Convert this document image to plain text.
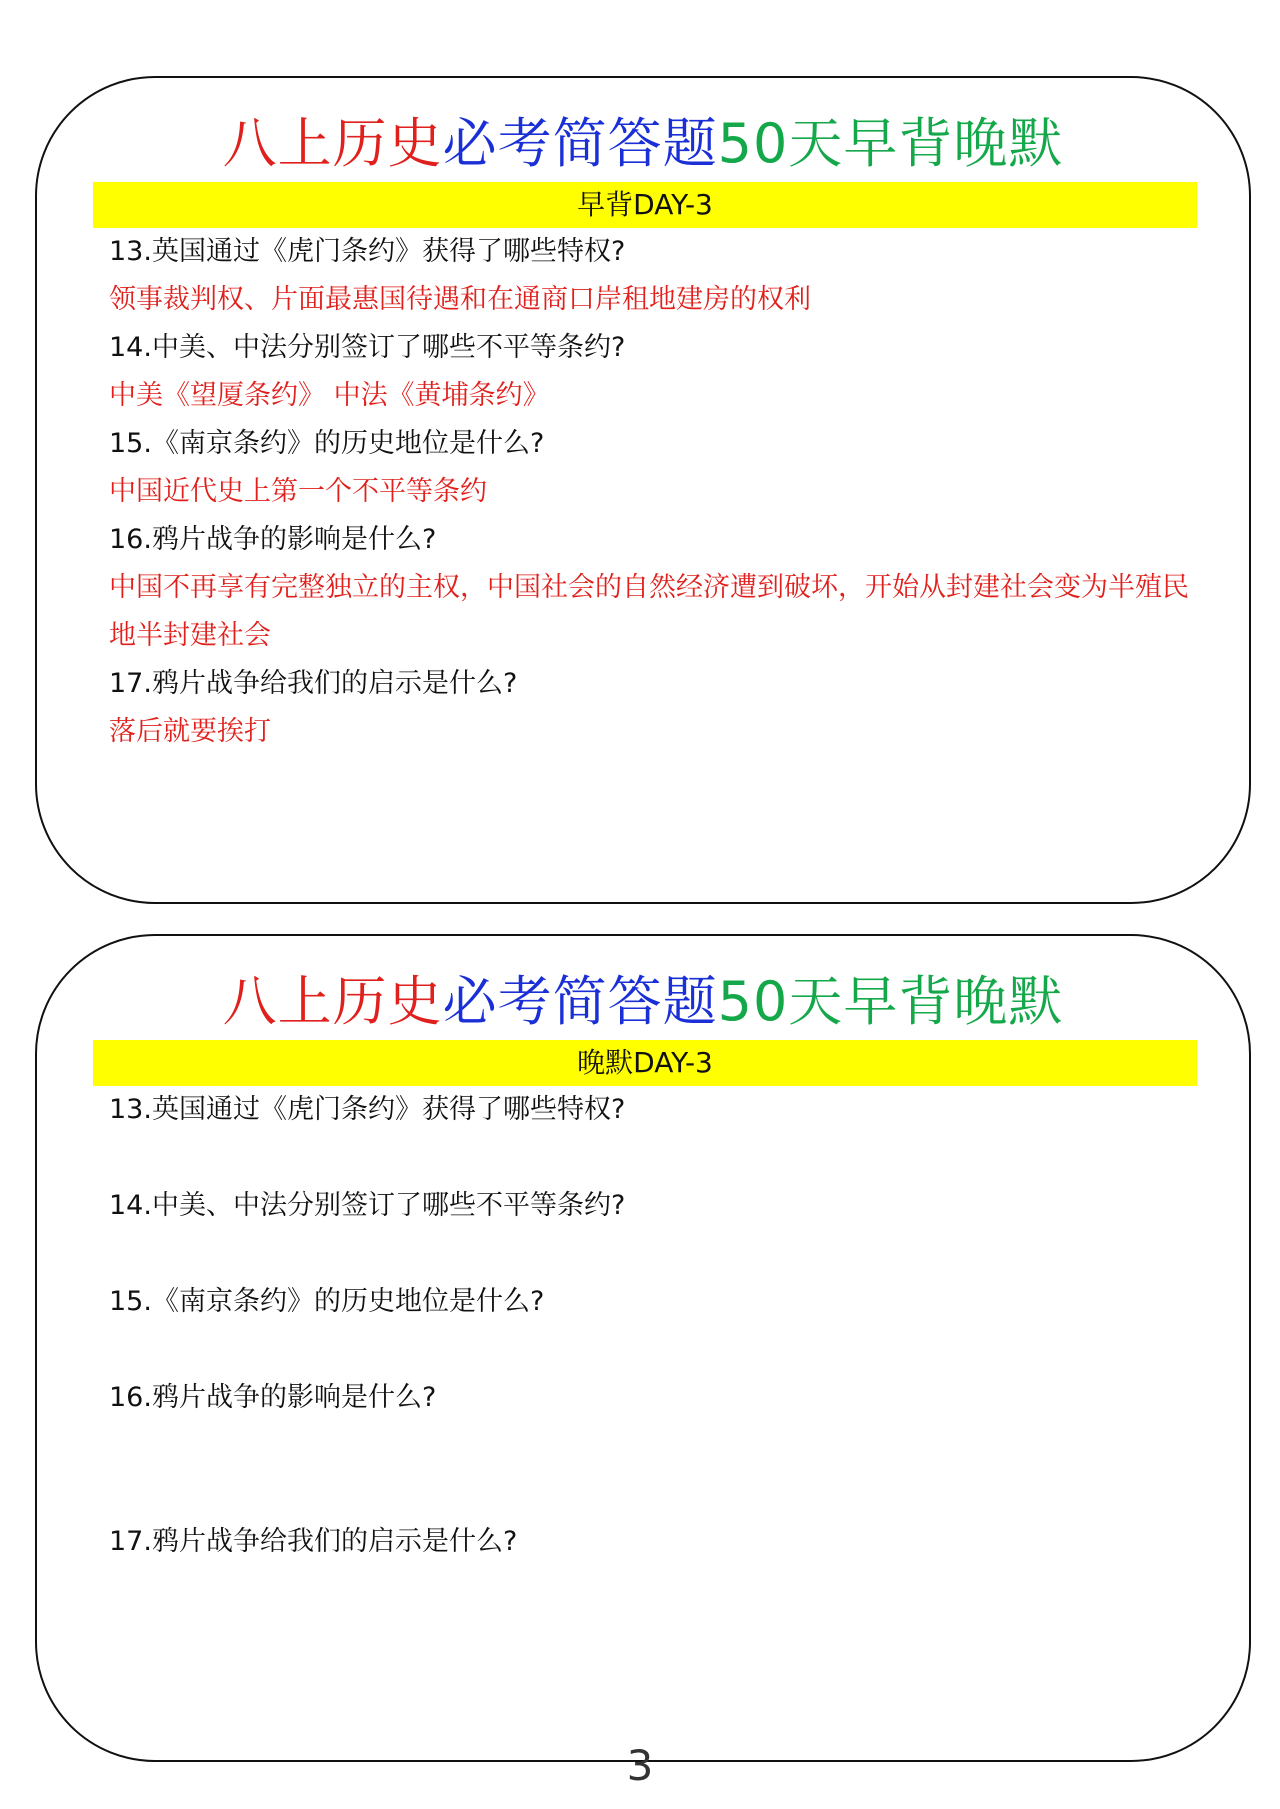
八上历史必考简答题50天早背晚默
早背DAY-3
13.英国通过《虎门条约》获得了哪些特权?
领事裁判权、片面最惠国待遇和在通商口岸租地建房的权利
14.中美、中法分别签订了哪些不平等条约?
中美《望厦条约》 中法《黄埔条约》
15.《南京条约》的历史地位是什么?
中国近代史上第一个不平等条约
16.鸦片战争的影响是什么?
中国不再享有完整独立的主权，中国社会的自然经济遭到破坏，开始从封建社会变为半殖民地半封建社会
17.鸦片战争给我们的启示是什么?
落后就要挨打
八上历史必考简答题50天早背晚默
晚默DAY-3
13.英国通过《虎门条约》获得了哪些特权?
14.中美、中法分别签订了哪些不平等条约?
15.《南京条约》的历史地位是什么?
16.鸦片战争的影响是什么?
17.鸦片战争给我们的启示是什么?
3
